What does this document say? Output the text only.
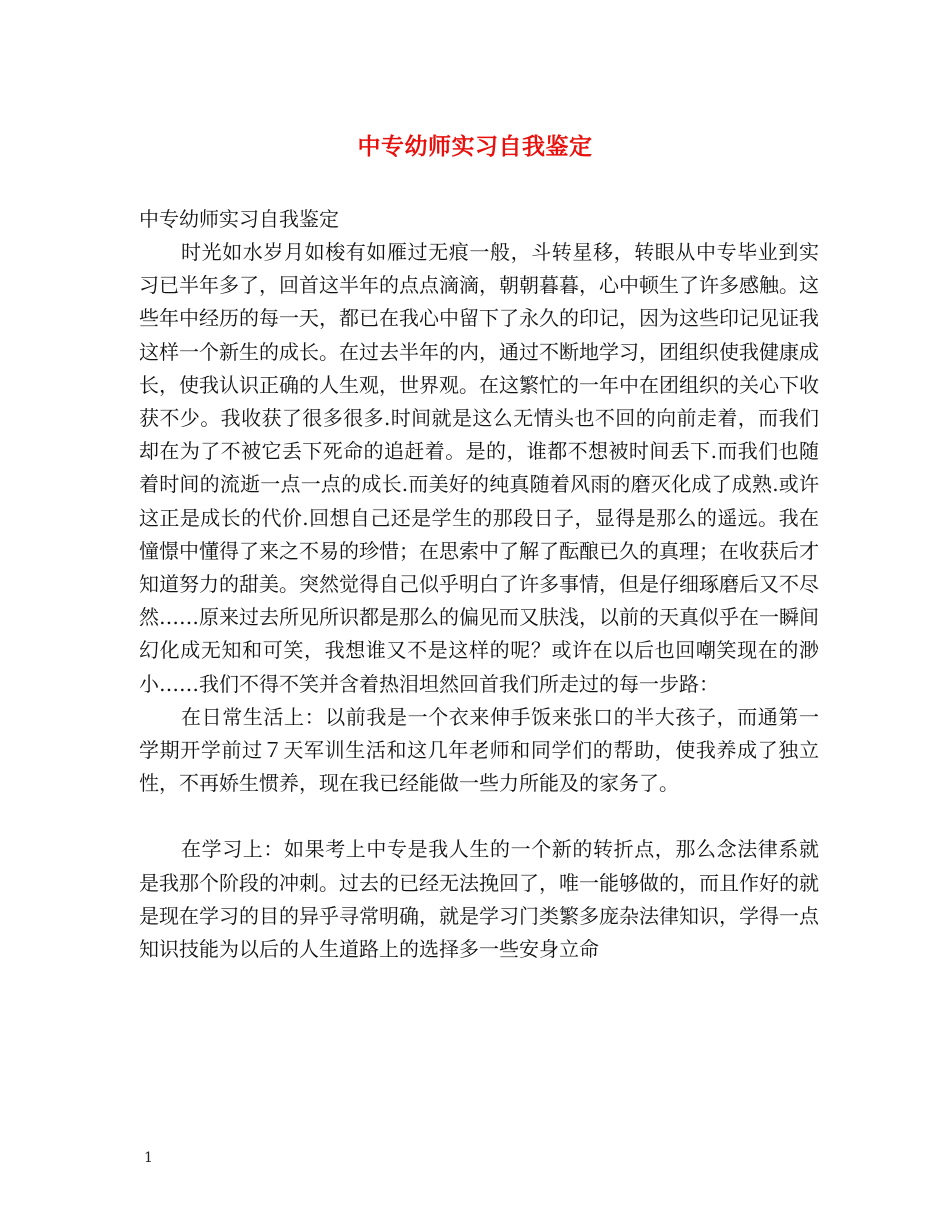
中专幼师实习自我鉴定

中专幼师实习自我鉴定

时光如水岁月如梭有如雁过无痕一般，斗转星移，转眼从中专毕业到实习已半年多了，回首这半年的点点滴滴，朝朝暮暮，心中顿生了许多感触。这些年中经历的每一天，都已在我心中留下了永久的印记，因为这些印记见证我这样一个新生的成长。在过去半年的内，通过不断地学习，团组织使我健康成长，使我认识正确的人生观，世界观。在这繁忙的一年中在团组织的关心下收获不少。我收获了很多很多.时间就是这么无情头也不回的向前走着，而我们却在为了不被它丢下死命的追赶着。是的，谁都不想被时间丢下.而我们也随着时间的流逝一点一点的成长.而美好的纯真随着风雨的磨灭化成了成熟.或许这正是成长的代价.回想自己还是学生的那段日子，显得是那么的遥远。我在憧憬中懂得了来之不易的珍惜；在思索中了解了酝酿已久的真理；在收获后才知道努力的甜美。突然觉得自己似乎明白了许多事情，但是仔细琢磨后又不尽然……原来过去所见所识都是那么的偏见而又肤浅，以前的天真似乎在一瞬间幻化成无知和可笑，我想谁又不是这样的呢？或许在以后也回嘲笑现在的渺小……我们不得不笑并含着热泪坦然回首我们所走过的每一步路：

在日常生活上：以前我是一个衣来伸手饭来张口的半大孩子，而通第一学期开学前过７天军训生活和这几年老师和同学们的帮助，使我养成了独立性，不再娇生惯养，现在我已经能做一些力所能及的家务了。

在学习上：如果考上中专是我人生的一个新的转折点，那么念法律系就是我那个阶段的冲刺。过去的已经无法挽回了，唯一能够做的，而且作好的就是现在学习的目的异乎寻常明确，就是学习门类繁多庞杂法律知识，学得一点知识技能为以后的人生道路上的选择多一些安身立命

1
